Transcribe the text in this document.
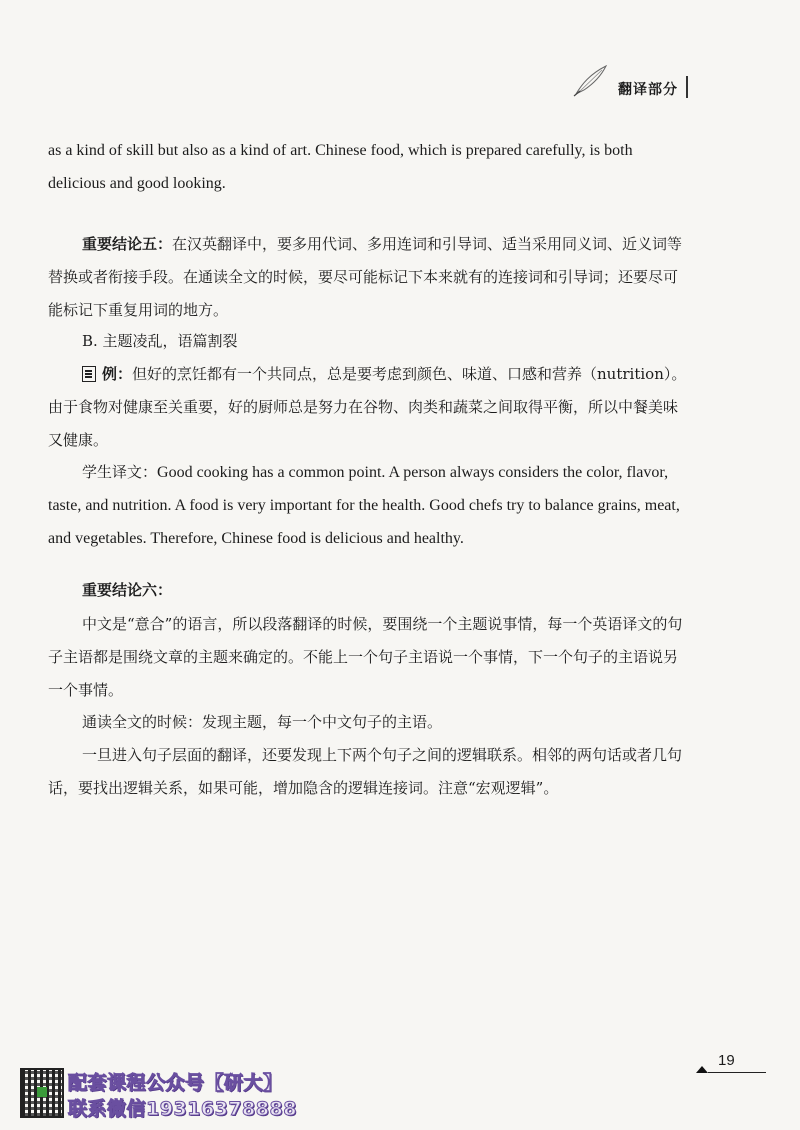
翻译部分

as a kind of skill but also as a kind of art. Chinese food, which is prepared carefully, is both

delicious and good looking.

重要结论五：在汉英翻译中，要多用代词、多用连词和引导词、适当采用同义词、近义词等替换或者衔接手段。在通读全文的时候，要尽可能标记下本来就有的连接词和引导词；还要尽可能标记下重复用词的地方。

B. 主题凌乱，语篇割裂

例：但好的烹饪都有一个共同点，总是要考虑到颜色、味道、口感和营养（nutrition）。由于食物对健康至关重要，好的厨师总是努力在谷物、肉类和蔬菜之间取得平衡，所以中餐美味又健康。

学生译文：Good cooking has a common point. A person always considers the color, flavor, taste, and nutrition. A food is very important for the health. Good chefs try to balance grains, meat, and vegetables. Therefore, Chinese food is delicious and healthy.

重要结论六：

中文是“意合”的语言，所以段落翻译的时候，要围绕一个主题说事情，每一个英语译文的句子主语都是围绕文章的主题来确定的。不能上一个句子主语说一个事情，下一个句子的主语说另一个事情。

通读全文的时候：发现主题，每一个中文句子的主语。

一旦进入句子层面的翻译，还要发现上下两个句子之间的逻辑联系。相邻的两句话或者几句话，要找出逻辑关系，如果可能，增加隐含的逻辑连接词。注意“宏观逻辑”。

19
配套课程公众号【研大】
联系微信19316378888
